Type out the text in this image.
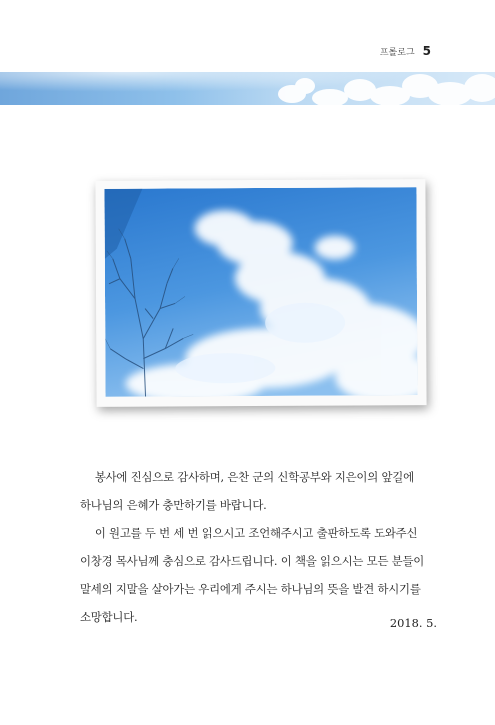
프롤로그 5

봉사에 진심으로 감사하며, 은찬 군의 신학공부와 지은이의 앞길에

하나님의 은혜가 충만하기를 바랍니다.

이 원고를 두 번 세 번 읽으시고 조언해주시고 출판하도록 도와주신

이창경 목사님께 충심으로 감사드립니다. 이 책을 읽으시는 모든 분들이

말세의 지말을 살아가는 우리에게 주시는 하나님의 뜻을 발견 하시기를

소망합니다.	2018. 5.
